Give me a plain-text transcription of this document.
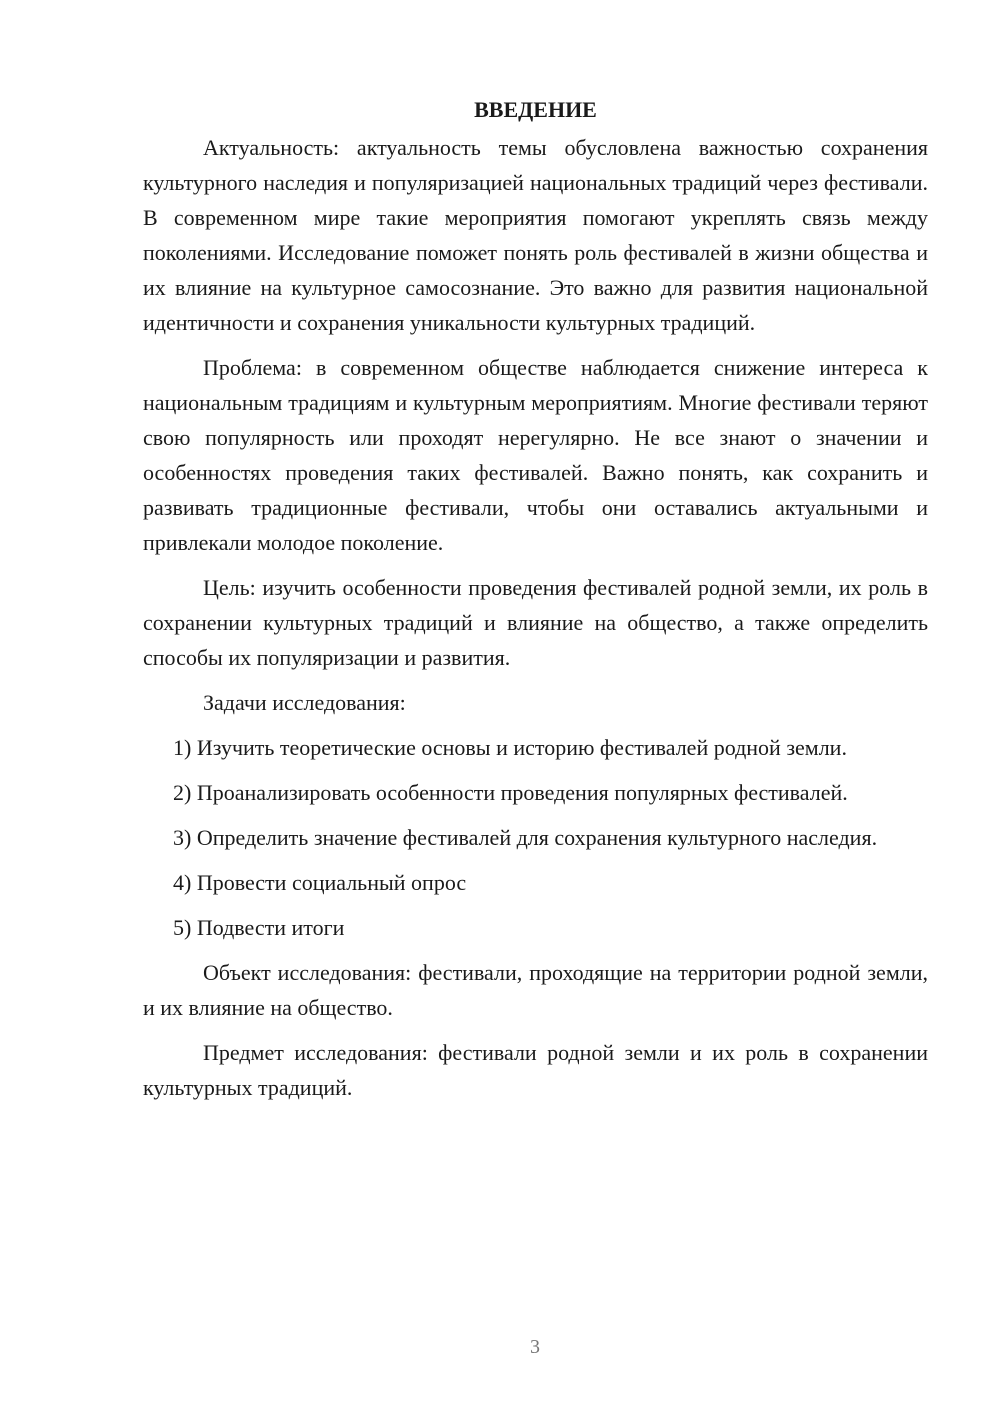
ВВЕДЕНИЕ

Актуальность: актуальность темы обусловлена важностью сохранения культурного наследия и популяризацией национальных традиций через фестивали. В современном мире такие мероприятия помогают укреплять связь между поколениями. Исследование поможет понять роль фестивалей в жизни общества и их влияние на культурное самосознание. Это важно для развития национальной идентичности и сохранения уникальности культурных традиций.

Проблема: в современном обществе наблюдается снижение интереса к национальным традициям и культурным мероприятиям. Многие фестивали теряют свою популярность или проходят нерегулярно. Не все знают о значении и особенностях проведения таких фестивалей. Важно понять, как сохранить и развивать традиционные фестивали, чтобы они оставались актуальными и привлекали молодое поколение.

Цель: изучить особенности проведения фестивалей родной земли, их роль в сохранении культурных традиций и влияние на общество, а также определить способы их популяризации и развития.

Задачи исследования:

1) Изучить теоретические основы и историю фестивалей родной земли.

2) Проанализировать особенности проведения популярных фестивалей.

3) Определить значение фестивалей для сохранения культурного наследия.

4) Провести социальный опрос

5) Подвести итоги

Объект исследования: фестивали, проходящие на территории родной земли, и их влияние на общество.

Предмет исследования: фестивали родной земли и их роль в сохранении культурных традиций.

3
